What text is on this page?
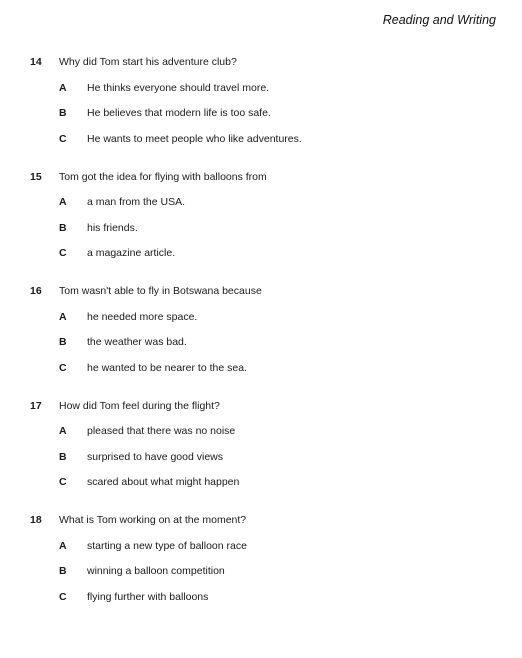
Reading and Writing
14 Why did Tom start his adventure club?
A He thinks everyone should travel more.
B He believes that modern life is too safe.
C He wants to meet people who like adventures.
15 Tom got the idea for flying with balloons from
A a man from the USA.
B his friends.
C a magazine article.
16 Tom wasn't able to fly in Botswana because
A he needed more space.
B the weather was bad.
C he wanted to be nearer to the sea.
17 How did Tom feel during the flight?
A pleased that there was no noise
B surprised to have good views
C scared about what might happen
18 What is Tom working on at the moment?
A starting a new type of balloon race
B winning a balloon competition
C flying further with balloons
